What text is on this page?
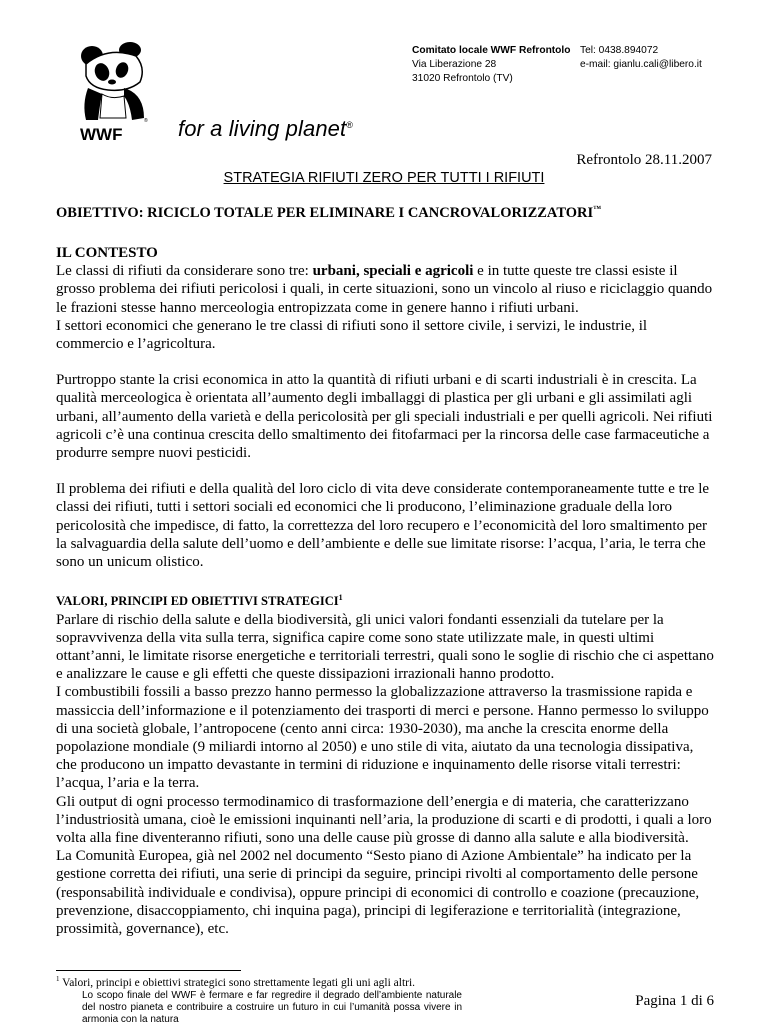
WWF
® for a living planet®
Comitato locale WWF Refrontolo
Via Liberazione 28
31020 Refrontolo (TV)
Tel: 0438.894072
e-mail: gianlu.cali@libero.it
Refrontolo 28.11.2007
STRATEGIA RIFIUTI ZERO PER TUTTI I RIFIUTI

OBIETTIVO: RICICLO TOTALE PER ELIMINARE I CANCROVALORIZZATORI™

IL CONTESTO

Le classi di rifiuti da considerare sono tre: urbani, speciali e agricoli e in tutte queste tre classi esiste il grosso problema dei rifiuti pericolosi i quali, in certe situazioni, sono un vincolo al riuso e riciclaggio quando le frazioni stesse hanno merceologia entropizzata come in genere hanno i rifiuti urbani.

I settori economici che generano le tre classi di rifiuti sono il settore civile, i servizi, le industrie, il commercio e l’agricoltura.

Purtroppo stante la crisi economica in atto la quantità di rifiuti urbani e di scarti industriali è in crescita. La qualità merceologica è orientata all’aumento degli imballaggi di plastica per gli urbani e gli assimilati agli urbani, all’aumento della varietà e della pericolosità per gli speciali industriali e per quelli agricoli. Nei rifiuti agricoli c’è una continua crescita dello smaltimento dei fitofarmaci per la rincorsa delle case farmaceutiche a produrre sempre nuovi pesticidi.

Il problema dei rifiuti e della qualità del loro ciclo di vita deve considerate contemporaneamente tutte e tre le classi dei rifiuti, tutti i settori sociali ed economici che li producono, l’eliminazione graduale della loro pericolosità che impedisce, di fatto, la correttezza del loro recupero e l’economicità del loro smaltimento per la salvaguardia della salute dell’uomo e dell’ambiente e delle sue limitate risorse: l’acqua, l’aria, le terra che sono un unicum olistico.

VALORI, PRINCIPI ED OBIETTIVI STRATEGICI$^1$

Parlare di rischio della salute e della biodiversità, gli unici valori fondanti essenziali da tutelare per la sopravvivenza della vita sulla terra, significa capire come sono state utilizzate male, in questi ultimi ottant’anni, le limitate risorse energetiche e territoriali terrestri, quali sono le soglie di rischio che ci aspettano e analizzare le cause e gli effetti che queste dissipazioni irrazionali hanno prodotto.

I combustibili fossili a basso prezzo hanno permesso la globalizzazione attraverso la trasmissione rapida e massiccia dell’informazione e il potenziamento dei trasporti di merci e persone. Hanno permesso lo sviluppo di una società globale, l’antropocene (cento anni circa: 1930-2030), ma anche la crescita enorme della popolazione mondiale (9 miliardi intorno al 2050) e uno stile di vita, aiutato da una tecnologia dissipativa, che producono un impatto devastante in termini di riduzione e inquinamento delle risorse vitali terrestri: l’acqua, l’aria e la terra.

Gli output di ogni processo termodinamico di trasformazione dell’energia e di materia, che caratterizzano l’industriosità umana, cioè le emissioni inquinanti nell’aria, la produzione di scarti e di prodotti, i quali a loro volta alla fine diventeranno rifiuti, sono una delle cause più grosse di danno alla salute e alla biodiversità.

La Comunità Europea, già nel 2002 nel documento “Sesto piano di Azione Ambientale” ha indicato per la gestione corretta dei rifiuti, una serie di principi da seguire, principi rivolti al comportamento delle persone (responsabilità individuale e condivisa), oppure principi di economici di controllo e coazione (precauzione, prevenzione, disaccoppiamento, chi inquina paga), principi di legiferazione e territorialità (integrazione, prossimità, governance), etc.

$^1$ Valori, principi e obiettivi strategici sono strettamente legati gli uni agli altri.
Lo scopo finale del WWF è fermare e far regredire il degrado dell’ambiente naturale del nostro pianeta e contribuire a costruire un futuro in cui l’umanità possa vivere in armonia con la natura
Pagina 1 di 6
